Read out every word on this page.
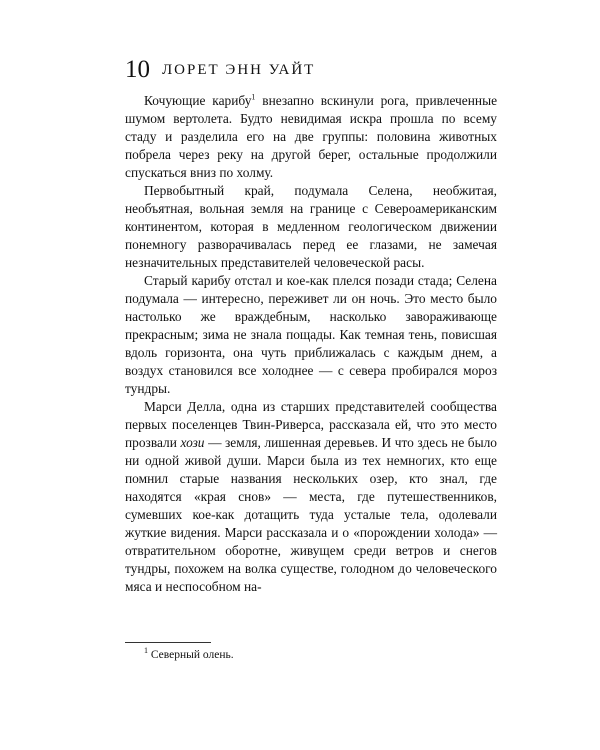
10 ЛОРЕТ ЭНН УАЙТ

Кочующие карибу$^1$ внезапно вскинули рога, привлеченные шумом вертолета. Будто невидимая искра прошла по всему стаду и разделила его на две группы: половина животных побрела через реку на другой берег, остальные продолжили спускаться вниз по холму.

Первобытный край, подумала Селена, необжитая, необъятная, вольная земля на границе с Североамериканским континентом, которая в медленном геологическом движении понемногу разворачивалась перед ее глазами, не замечая незначительных представителей человеческой расы.

Старый карибу отстал и кое-как плелся позади стада; Селена подумала — интересно, переживет ли он ночь. Это место было настолько же враждебным, насколько завораживающе прекрасным; зима не знала пощады. Как темная тень, повисшая вдоль горизонта, она чуть приближалась с каждым днем, а воздух становился все холоднее — с севера пробирался мороз тундры.

Марси Делла, одна из старших представителей сообщества первых поселенцев Твин-Риверса, рассказала ей, что это место прозвали хози — земля, лишенная деревьев. И что здесь не было ни одной живой души. Марси была из тех немногих, кто еще помнил старые названия нескольких озер, кто знал, где находятся «края снов» — места, где путешественников, сумевших кое-как дотащить туда усталые тела, одолевали жуткие видения. Марси рассказала и о «порождении холода» — отвратительном оборотне, живущем среди ветров и снегов тундры, похожем на волка существе, голодном до человеческого мяса и неспособном на-

$^1$ Северный олень.
